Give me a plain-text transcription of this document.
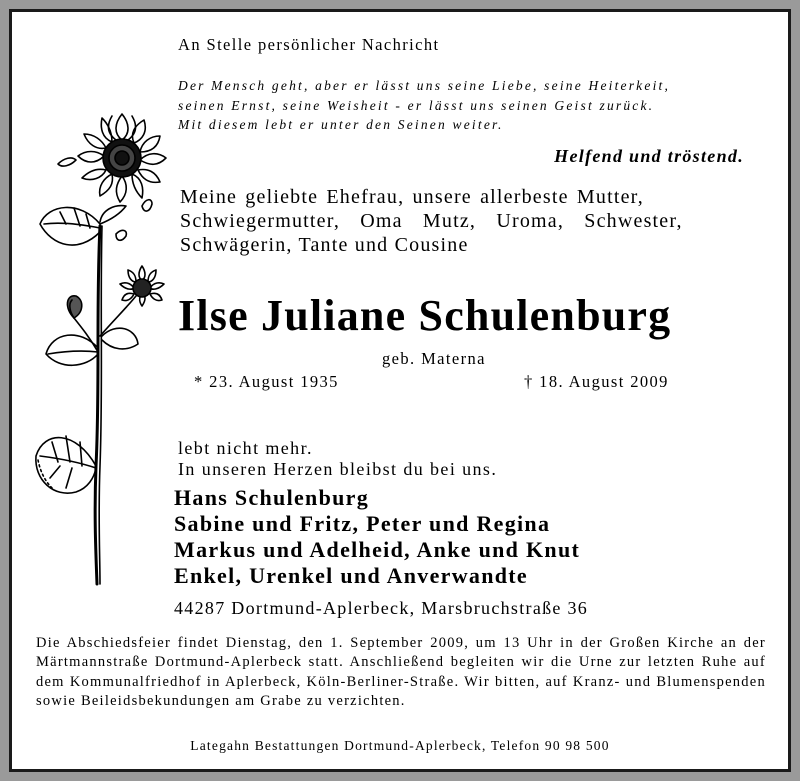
An Stelle persönlicher Nachricht

Der Mensch geht, aber er lässt uns seine Liebe, seine Heiterkeit,

seinen Ernst, seine Weisheit - er lässt uns seinen Geist zurück.

Mit diesem lebt er unter den Seinen weiter.

Helfend und tröstend.

Meine geliebte Ehefrau, unsere allerbeste Mutter,

Schwiegermutter, Oma Mutz, Uroma, Schwester,

Schwägerin, Tante und Cousine

Ilse Juliane Schulenburg

geb. Materna

* 23. August 1935	† 18. August 2009

lebt nicht mehr.

In unseren Herzen bleibst du bei uns.

Hans Schulenburg

Sabine und Fritz, Peter und Regina

Markus und Adelheid, Anke und Knut

Enkel, Urenkel und Anverwandte

44287 Dortmund-Aplerbeck, Marsbruchstraße 36

Die Abschiedsfeier findet Dienstag, den 1. September 2009, um 13 Uhr in der Großen Kirche an der Märtmannstraße Dortmund-Aplerbeck statt. Anschließend begleiten wir die Urne zur letzten Ruhe auf dem Kommunalfriedhof in Aplerbeck, Köln-Berliner-Straße. Wir bitten, auf Kranz- und Blumenspenden sowie Beileidsbekundungen am Grabe zu verzichten.

Lategahn Bestattungen Dortmund-Aplerbeck, Telefon 90 98 500
